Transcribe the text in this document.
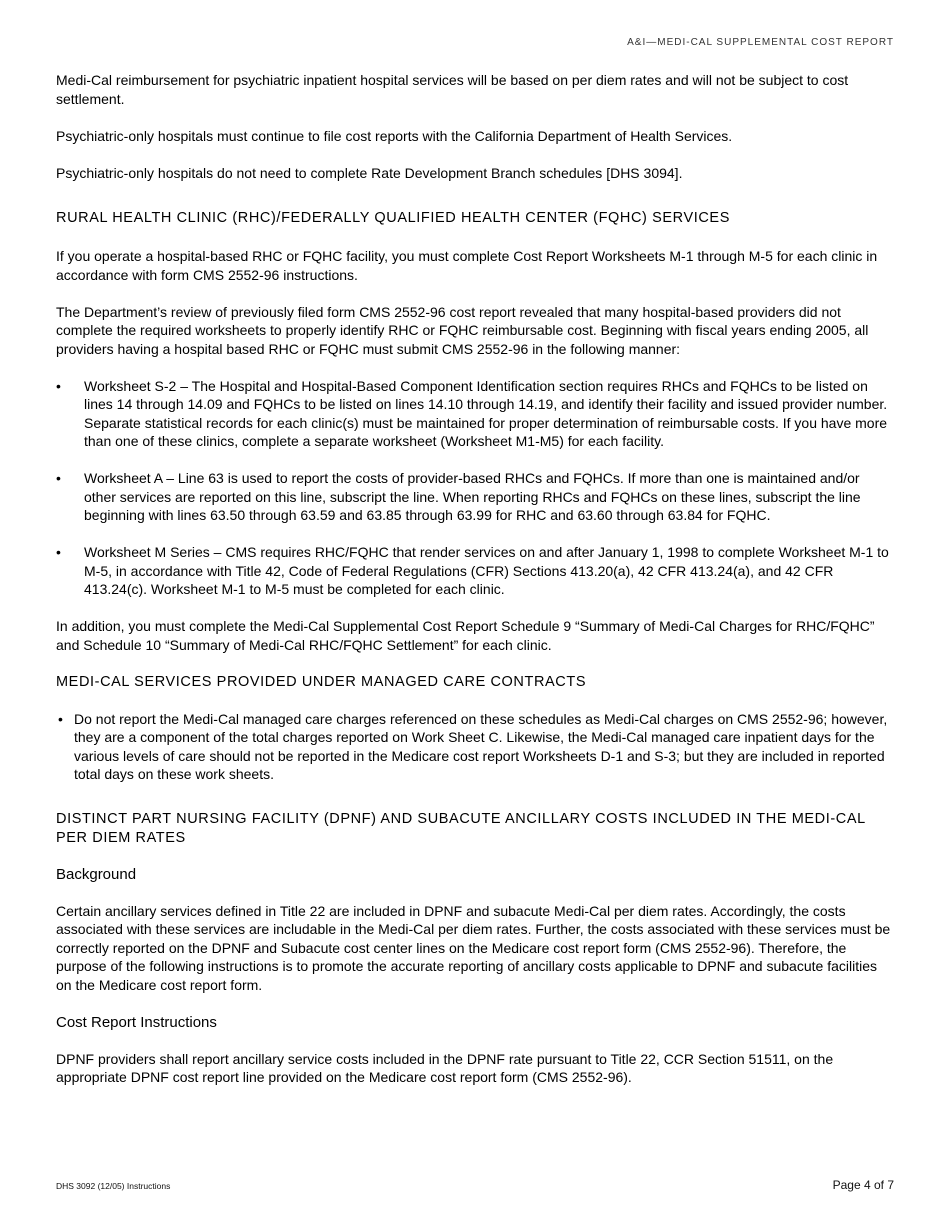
A&I—MEDI-CAL SUPPLEMENTAL COST REPORT

Medi-Cal reimbursement for psychiatric inpatient hospital services will be based on per diem rates and will not be subject to cost settlement.

Psychiatric-only hospitals must continue to file cost reports with the California Department of Health Services.

Psychiatric-only hospitals do not need to complete Rate Development Branch schedules [DHS 3094].

RURAL HEALTH CLINIC (RHC)/FEDERALLY QUALIFIED HEALTH CENTER (FQHC) SERVICES

If you operate a hospital-based RHC or FQHC facility, you must complete Cost Report Worksheets M-1 through M-5 for each clinic in accordance with form CMS 2552-96 instructions.

The Department’s review of previously filed form CMS 2552-96 cost report revealed that many hospital-based providers did not complete the required worksheets to properly identify RHC or FQHC reimbursable cost. Beginning with fiscal years ending 2005, all providers having a hospital based RHC or FQHC must submit CMS 2552-96 in the following manner:

• Worksheet S-2 – The Hospital and Hospital-Based Component Identification section requires RHCs and FQHCs to be listed on lines 14 through 14.09 and FQHCs to be listed on lines 14.10 through 14.19, and identify their facility and issued provider number. Separate statistical records for each clinic(s) must be maintained for proper determination of reimbursable costs. If you have more than one of these clinics, complete a separate worksheet (Worksheet M1-M5) for each facility.
• Worksheet A – Line 63 is used to report the costs of provider-based RHCs and FQHCs. If more than one is maintained and/or other services are reported on this line, subscript the line. When reporting RHCs and FQHCs on these lines, subscript the line beginning with lines 63.50 through 63.59 and 63.85 through 63.99 for RHC and 63.60 through 63.84 for FQHC.
• Worksheet M Series – CMS requires RHC/FQHC that render services on and after January 1, 1998 to complete Worksheet M-1 to M-5, in accordance with Title 42, Code of Federal Regulations (CFR) Sections 413.20(a), 42 CFR 413.24(a), and 42 CFR 413.24(c). Worksheet M-1 to M-5 must be completed for each clinic.

In addition, you must complete the Medi-Cal Supplemental Cost Report Schedule 9 “Summary of Medi-Cal Charges for RHC/FQHC” and Schedule 10 “Summary of Medi-Cal RHC/FQHC Settlement” for each clinic.

MEDI-CAL SERVICES PROVIDED UNDER MANAGED CARE CONTRACTS
• Do not report the Medi-Cal managed care charges referenced on these schedules as Medi-Cal charges on CMS 2552-96; however, they are a component of the total charges reported on Work Sheet C. Likewise, the Medi-Cal managed care inpatient days for the various levels of care should not be reported in the Medicare cost report Worksheets D-1 and S-3; but they are included in reported total days on these work sheets.
DISTINCT PART NURSING FACILITY (DPNF) AND SUBACUTE ANCILLARY COSTS INCLUDED IN THE MEDI-CAL PER DIEM RATES
Background

Certain ancillary services defined in Title 22 are included in DPNF and subacute Medi-Cal per diem rates. Accordingly, the costs associated with these services are includable in the Medi-Cal per diem rates. Further, the costs associated with these services must be correctly reported on the DPNF and Subacute cost center lines on the Medicare cost report form (CMS 2552-96). Therefore, the purpose of the following instructions is to promote the accurate reporting of ancillary costs applicable to DPNF and subacute facilities on the Medicare cost report form.

Cost Report Instructions

DPNF providers shall report ancillary service costs included in the DPNF rate pursuant to Title 22, CCR Section 51511, on the appropriate DPNF cost report line provided on the Medicare cost report form (CMS 2552-96).

DHS 3092 (12/05) Instructions	Page 4 of 7
